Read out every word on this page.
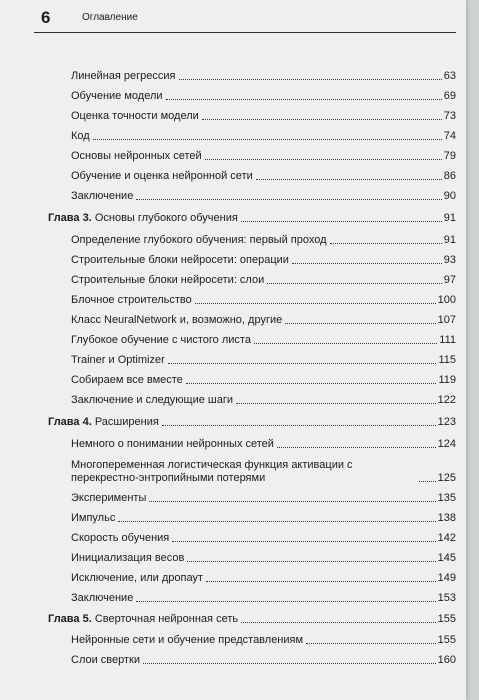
6	Оглавление
Линейная регрессия	63
Обучение модели	69
Оценка точности модели	73
Код	74
Основы нейронных сетей	79
Обучение и оценка нейронной сети	86
Заключение	90
Глава 3. Основы глубокого обучения	91
Определение глубокого обучения: первый проход	91
Строительные блоки нейросети: операции	93
Строительные блоки нейросети: слои	97
Блочное строительство	100
Класс NeuralNetwork и, возможно, другие	107
Глубокое обучение с чистого листа	111
Trainer и Optimizer	115
Собираем все вместе	119
Заключение и следующие шаги	122
Глава 4. Расширения	123
Немного о понимании нейронных сетей	124
Многопеременная логистическая функция активации с перекрестно-энтропийными потерями	125
Эксперименты	135
Импульс	138
Скорость обучения	142
Инициализация весов	145
Исключение, или дропаут	149
Заключение	153
Глава 5. Сверточная нейронная сеть	155
Нейронные сети и обучение представлениям	155
Слои свертки	160
